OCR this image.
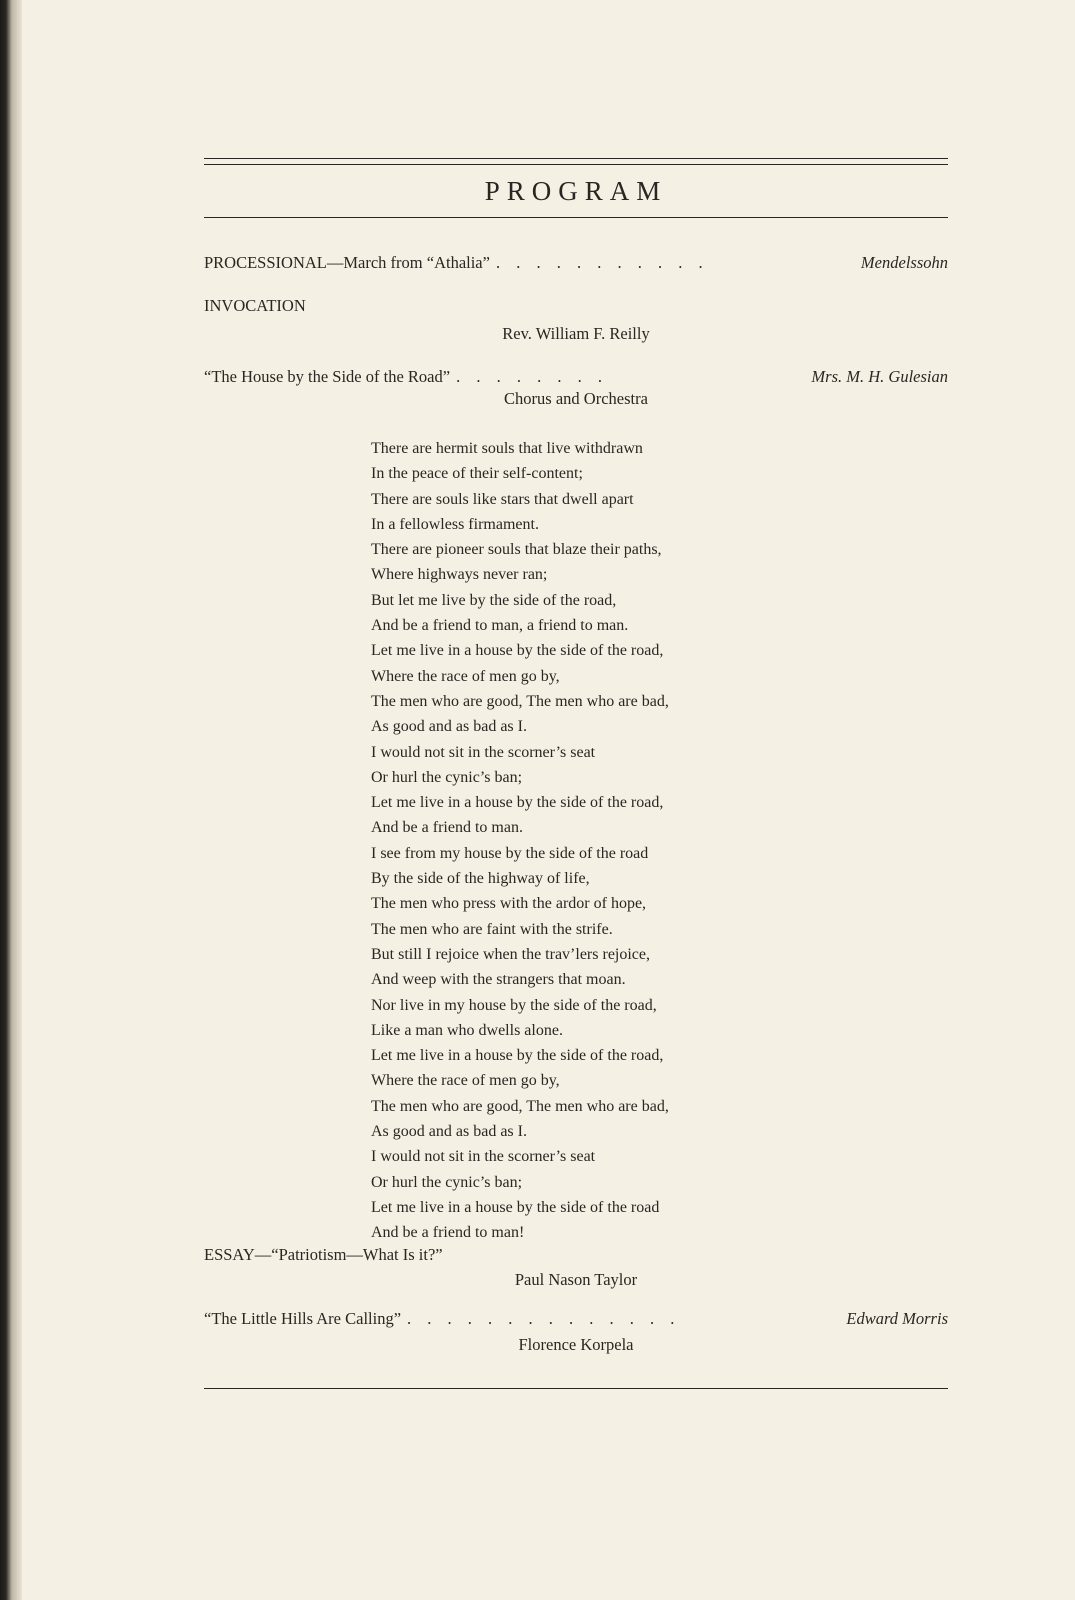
PROGRAM
PROCESSIONAL—March from “Athalia” . . . . . . . . . . .	Mendelssohn
INVOCATION
Rev. William F. Reilly
“The House by the Side of the Road” . . . . . . . .	Mrs. M. H. Gulesian
Chorus and Orchestra
There are hermit souls that live withdrawn
In the peace of their self-content;
There are souls like stars that dwell apart
In a fellowless firmament.
There are pioneer souls that blaze their paths,
Where highways never ran;
But let me live by the side of the road,
And be a friend to man, a friend to man.
Let me live in a house by the side of the road,
Where the race of men go by,
The men who are good, The men who are bad,
As good and as bad as I.
I would not sit in the scorner’s seat
Or hurl the cynic’s ban;
Let me live in a house by the side of the road,
And be a friend to man.
I see from my house by the side of the road
By the side of the highway of life,
The men who press with the ardor of hope,
The men who are faint with the strife.
But still I rejoice when the trav’lers rejoice,
And weep with the strangers that moan.
Nor live in my house by the side of the road,
Like a man who dwells alone.
Let me live in a house by the side of the road,
Where the race of men go by,
The men who are good, The men who are bad,
As good and as bad as I.
I would not sit in the scorner’s seat
Or hurl the cynic’s ban;
Let me live in a house by the side of the road
And be a friend to man!
ESSAY—“Patriotism—What Is it?”
Paul Nason Taylor
“The Little Hills Are Calling” . . . . . . . . . . . . . .	Edward Morris
Florence Korpela
